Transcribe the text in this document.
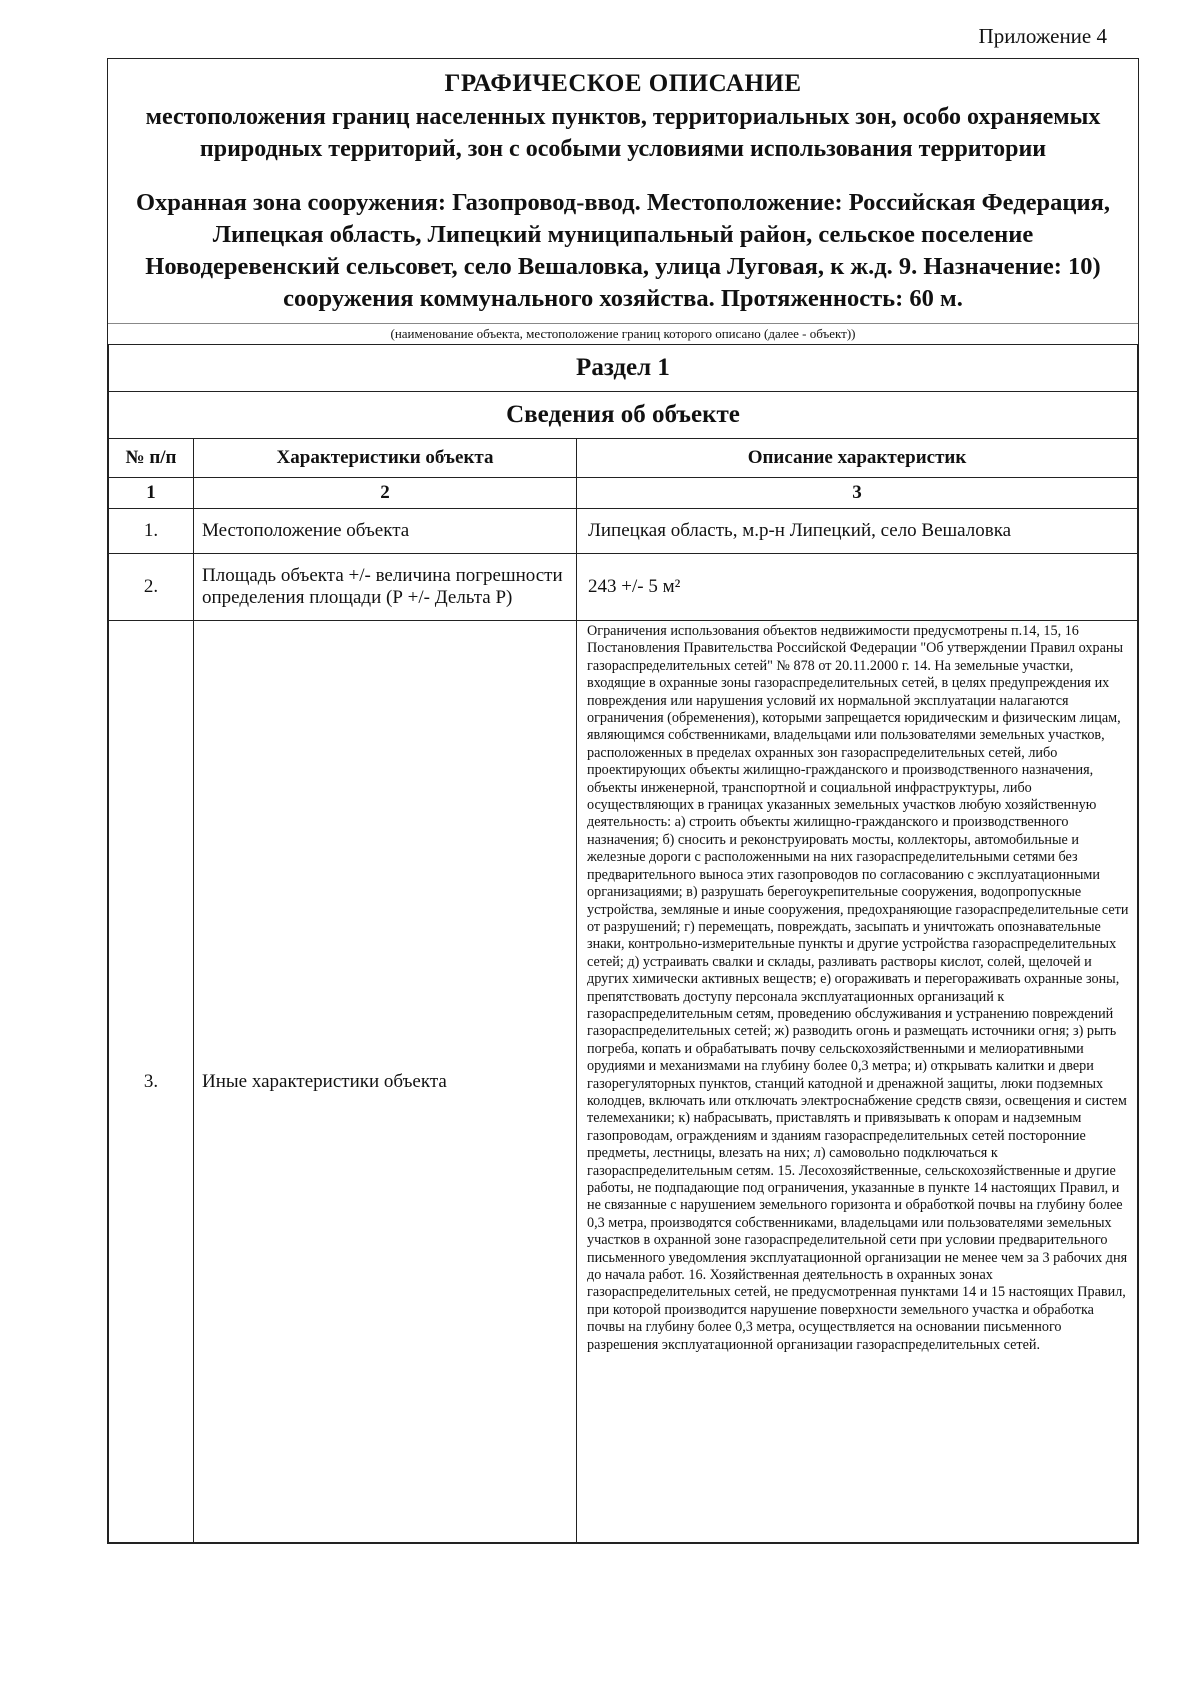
Приложение 4
ГРАФИЧЕСКОЕ ОПИСАНИЕ
местоположения границ населенных пунктов, территориальных зон, особо охраняемых природных территорий, зон с особыми условиями использования территории
Охранная зона сооружения: Газопровод-ввод. Местоположение: Российская Федерация, Липецкая область, Липецкий муниципальный район, сельское поселение Новодеревенский сельсовет, село Вешаловка, улица Луговая, к ж.д. 9. Назначение: 10) сооружения коммунального хозяйства. Протяженность: 60 м.
(наименование объекта, местоположение границ которого описано (далее - объект))
Раздел 1		
Сведения об объекте		
№ п/п	Характеристики объекта	Описание характеристик
1	2	3
1.	Местоположение объекта	Липецкая область, м.р-н Липецкий, село Вешаловка
2.	Площадь объекта +/- величина погрешности определения площади (Р +/- Дельта Р)	243 +/- 5 м²
3.	Иные характеристики объекта	Ограничения использования объектов недвижимости предусмотрены п.14, 15, 16 Постановления Правительства Российской Федерации "Об утверждении Правил охраны газораспределительных сетей" № 878 от 20.11.2000 г. 14. На земельные участки, входящие в охранные зоны газораспределительных сетей, в целях предупреждения их повреждения или нарушения условий их нормальной эксплуатации налагаются ограничения (обременения), которыми запрещается юридическим и физическим лицам, являющимся собственниками, владельцами или пользователями земельных участков, расположенных в пределах охранных зон газораспределительных сетей, либо проектирующих объекты жилищно-гражданского и производственного назначения, объекты инженерной, транспортной и социальной инфраструктуры, либо осуществляющих в границах указанных земельных участков любую хозяйственную деятельность: а) строить объекты жилищно-гражданского и производственного назначения; б) сносить и реконструировать мосты, коллекторы, автомобильные и железные дороги с расположенными на них газораспределительными сетями без предварительного выноса этих газопроводов по согласованию с эксплуатационными организациями; в) разрушать берегоукрепительные сооружения, водопропускные устройства, земляные и иные сооружения, предохраняющие газораспределительные сети от разрушений; г) перемещать, повреждать, засыпать и уничтожать опознавательные знаки, контрольно-измерительные пункты и другие устройства газораспределительных сетей; д) устраивать свалки и склады, разливать растворы кислот, солей, щелочей и других химически активных веществ; е) огораживать и перегораживать охранные зоны, препятствовать доступу персонала эксплуатационных организаций к газораспределительным сетям, проведению обслуживания и устранению повреждений газораспределительных сетей; ж) разводить огонь и размещать источники огня; з) рыть погреба, копать и обрабатывать почву сельскохозяйственными и мелиоративными орудиями и механизмами на глубину более 0,3 метра; и) открывать калитки и двери газорегуляторных пунктов, станций катодной и дренажной защиты, люки подземных колодцев, включать или отключать электроснабжение средств связи, освещения и систем телемеханики; к) набрасывать, приставлять и привязывать к опорам и надземным газопроводам, ограждениям и зданиям газораспределительных сетей посторонние предметы, лестницы, влезать на них; л) самовольно подключаться к газораспределительным сетям. 15. Лесохозяйственные, сельскохозяйственные и другие работы, не подпадающие под ограничения, указанные в пункте 14 настоящих Правил, и не связанные с нарушением земельного горизонта и обработкой почвы на глубину более 0,3 метра, производятся собственниками, владельцами или пользователями земельных участков в охранной зоне газораспределительной сети при условии предварительного письменного уведомления эксплуатационной организации не менее чем за 3 рабочих дня до начала работ. 16. Хозяйственная деятельность в охранных зонах газораспределительных сетей, не предусмотренная пунктами 14 и 15 настоящих Правил, при которой производится нарушение поверхности земельного участка и обработка почвы на глубину более 0,3 метра, осуществляется на основании письменного разрешения эксплуатационной организации газораспределительных сетей.
